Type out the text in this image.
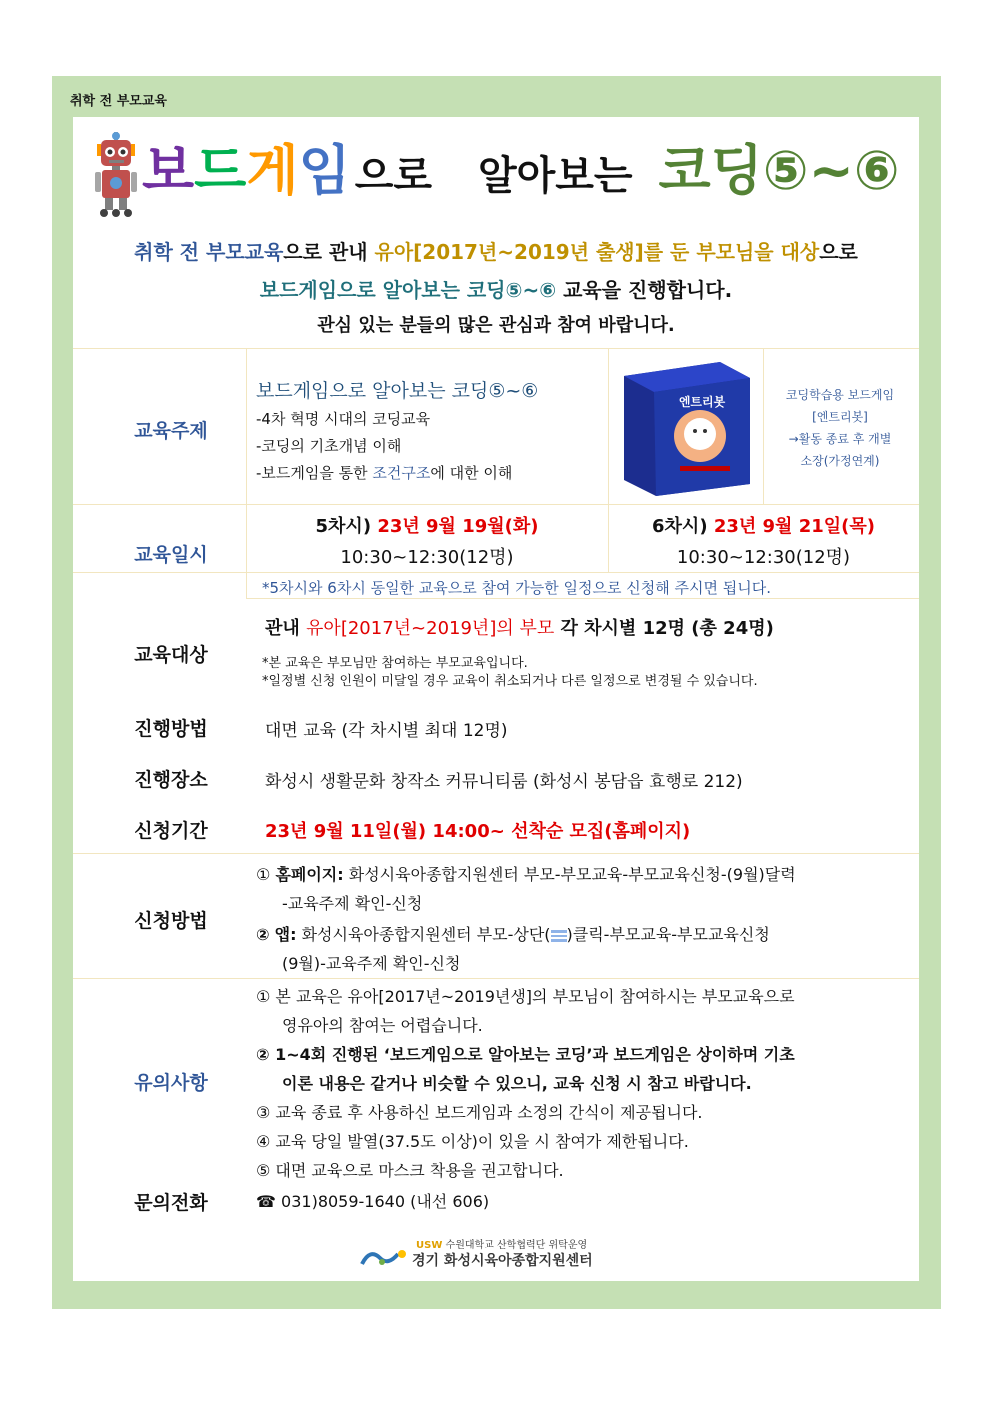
취학 전 부모교육
보드게임 으로 알아보는 코딩⑤~⑥
취학 전 부모교육으로 관내 유아[2017년~2019년 출생]를 둔 부모님을 대상으로
보드게임으로 알아보는 코딩⑤~⑥ 교육을 진행합니다.
관심 있는 분들의 많은 관심과 참여 바랍니다.
교육주제
보드게임으로 알아보는 코딩⑤~⑥
-4차 혁명 시대의 코딩교육
-코딩의 기초개념 이해
-보드게임을 통한 조건구조에 대한 이해
엔트리봇	코딩학습용 보드게임
[엔트리봇]
→활동 종료 후 개별
소장(가정연계)
교육일시
5차시) 23년 9월 19월(화)
10:30~12:30(12명)
6차시) 23년 9월 21일(목)
10:30~12:30(12명)
*5차시와 6차시 동일한 교육으로 참여 가능한 일정으로 신청해 주시면 됩니다.
교육대상
관내 유아[2017년~2019년]의 부모 각 차시별 12명 (총 24명)
*본 교육은 부모님만 참여하는 부모교육입니다.
*일정별 신청 인원이 미달일 경우 교육이 취소되거나 다른 일정으로 변경될 수 있습니다.
진행방법	대면 교육 (각 차시별 최대 12명)
진행장소	화성시 생활문화 창작소 커뮤니티룸 (화성시 봉담읍 효행로 212)
신청기간	23년 9월 11일(월) 14:00~ 선착순 모집(홈페이지)
신청방법
① 홈페이지: 화성시육아종합지원센터 부모-부모교육-부모교육신청-(9월)달력
-교육주제 확인-신청
② 앱: 화성시육아종합지원센터 부모-상단( )클릭-부모교육-부모교육신청
(9월)-교육주제 확인-신청
유의사항
① 본 교육은 유아[2017년~2019년생]의 부모님이 참여하시는 부모교육으로
영유아의 참여는 어렵습니다.
② 1~4회 진행된 ‘보드게임으로 알아보는 코딩’과 보드게임은 상이하며 기초
이론 내용은 같거나 비슷할 수 있으니, 교육 신청 시 참고 바랍니다.
③ 교육 종료 후 사용하신 보드게임과 소정의 간식이 제공됩니다.
④ 교육 당일 발열(37.5도 이상)이 있을 시 참여가 제한됩니다.
⑤ 대면 교육으로 마스크 착용을 권고합니다.
문의전화	☎ 031)8059-1640 (내선 606)
USW 수원대학교 산학협력단 위탁운영
경기 화성시육아종합지원센터
